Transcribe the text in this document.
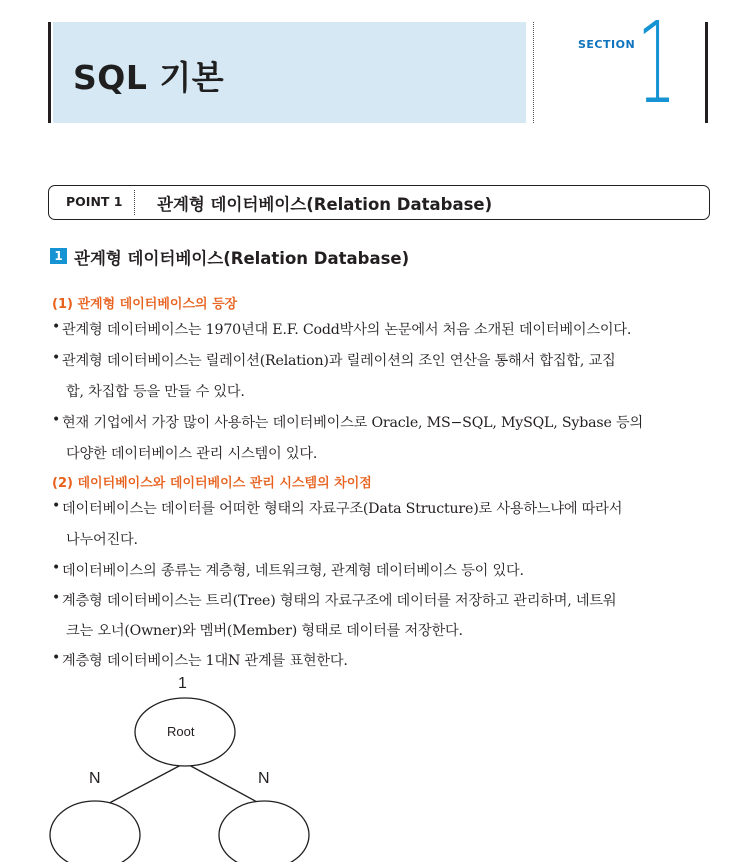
SQL 기본
SECTION 1
POINT 1 관계형 데이터베이스(Relation Database)
1 관계형 데이터베이스(Relation Database)
(1) 관계형 데이터베이스의 등장
• 관계형 데이터베이스는 1970년대 E.F. Codd박사의 논문에서 처음 소개된 데이터베이스이다.
• 관계형 데이터베이스는 릴레이션(Relation)과 릴레이션의 조인 연산을 통해서 합집합, 교집
합, 차집합 등을 만들 수 있다.
• 현재 기업에서 가장 많이 사용하는 데이터베이스로 Oracle, MS−SQL, MySQL, Sybase 등의
다양한 데이터베이스 관리 시스템이 있다.
(2) 데이터베이스와 데이터베이스 관리 시스템의 차이점
• 데이터베이스는 데이터를 어떠한 형태의 자료구조(Data Structure)로 사용하느냐에 따라서
나누어진다.
• 데이터베이스의 종류는 계층형, 네트워크형, 관계형 데이터베이스 등이 있다.
• 계층형 데이터베이스는 트리(Tree) 형태의 자료구조에 데이터를 저장하고 관리하며, 네트워
크는 오너(Owner)와 멤버(Member) 형태로 데이터를 저장한다.
• 계층형 데이터베이스는 1대N 관계를 표현한다.
1
Root
N	N
